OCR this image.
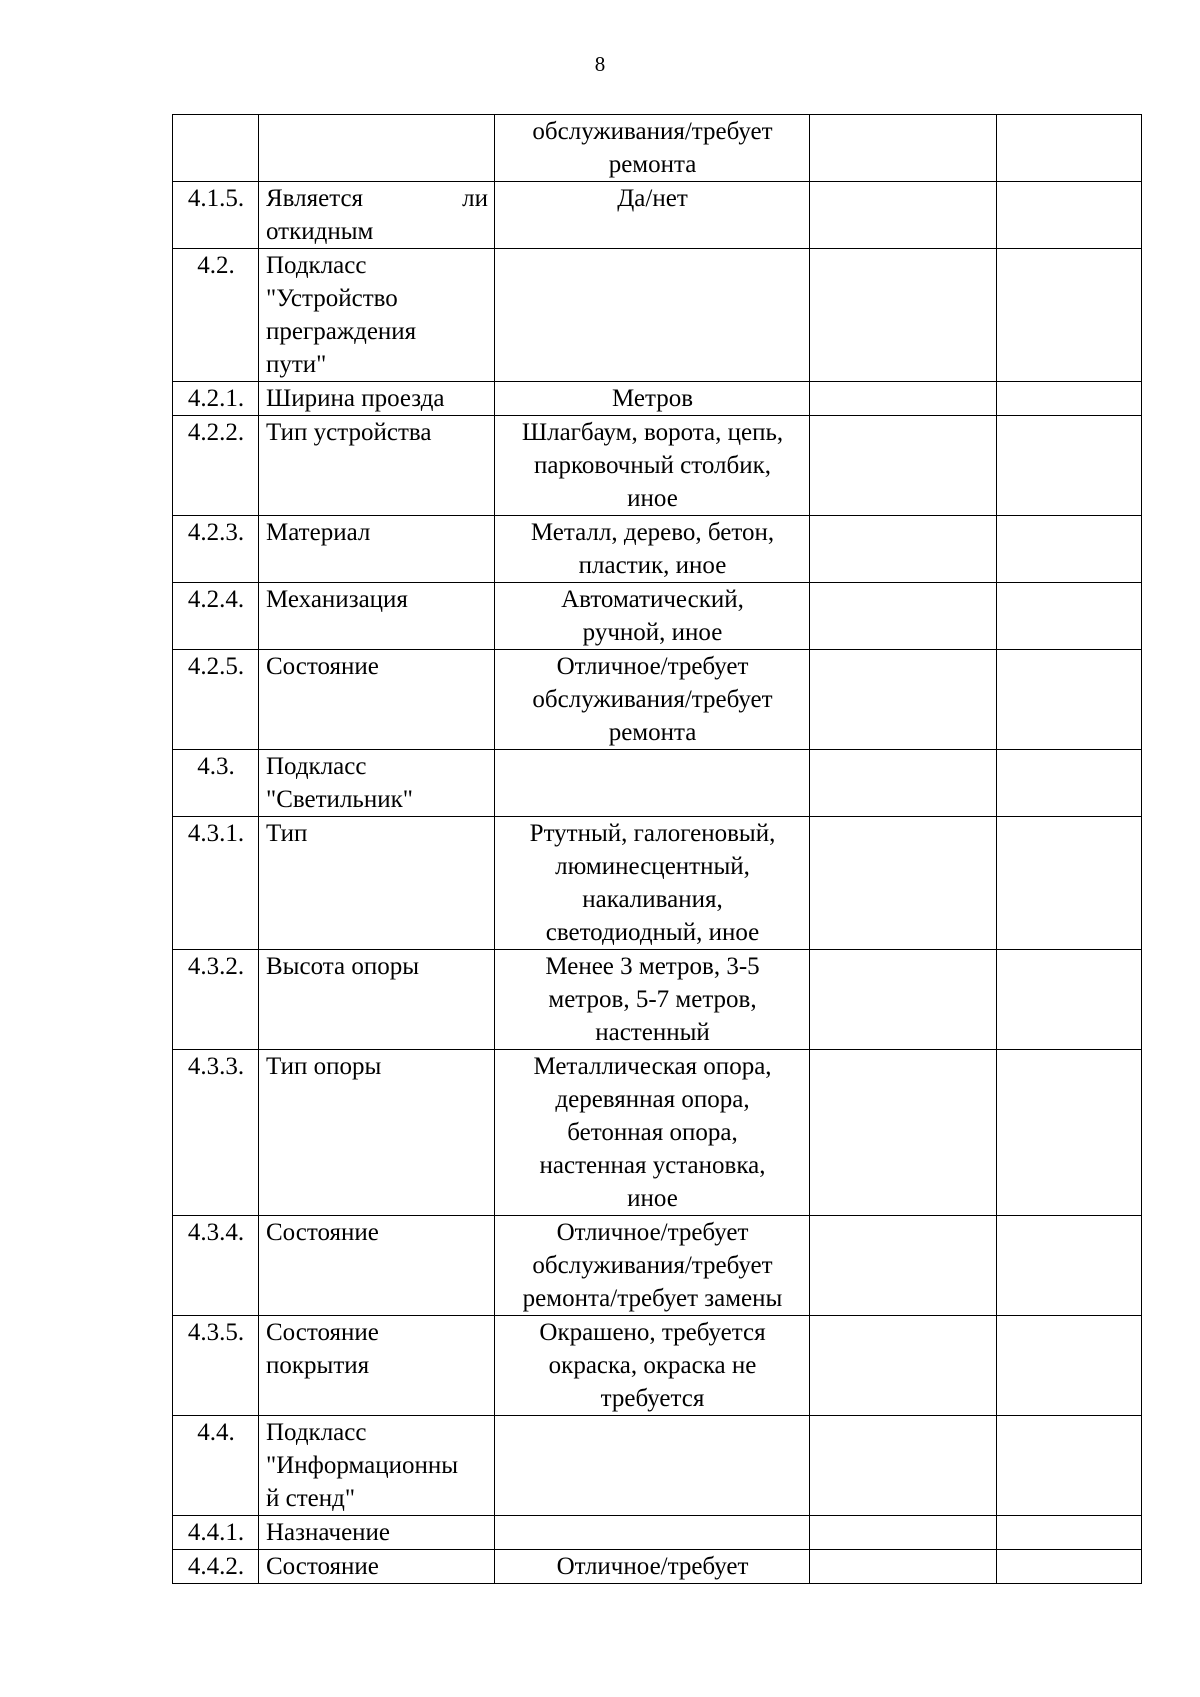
8

		обслуживания/требует
ремонта		

4.1.5.	Является ли
откидным	Да/нет		

4.2.	Подкласс
"Устройство
преграждения
пути"			

4.2.1.	Ширина проезда	Метров		

4.2.2.	Тип устройства	Шлагбаум, ворота, цепь,
парковочный столбик,
иное		

4.2.3.	Материал	Металл, дерево, бетон,
пластик, иное		

4.2.4.	Механизация	Автоматический,
ручной, иное		

4.2.5.	Состояние	Отличное/требует
обслуживания/требует
ремонта		

4.3.	Подкласс
"Светильник"			

4.3.1.	Тип	Ртутный, галогеновый,
люминесцентный,
накаливания,
светодиодный, иное		

4.3.2.	Высота опоры	Менее 3 метров, 3-5
метров, 5-7 метров,
настенный		

4.3.3.	Тип опоры	Металлическая опора,
деревянная опора,
бетонная опора,
настенная установка,
иное		

4.3.4.	Состояние	Отличное/требует
обслуживания/требует
ремонта/требует замены		

4.3.5.	Состояние
покрытия	Окрашено, требуется
окраска, окраска не
требуется		

4.4.	Подкласс
"Информационны
й стенд"			

4.4.1.	Назначение			

4.4.2.	Состояние	Отличное/требует		
